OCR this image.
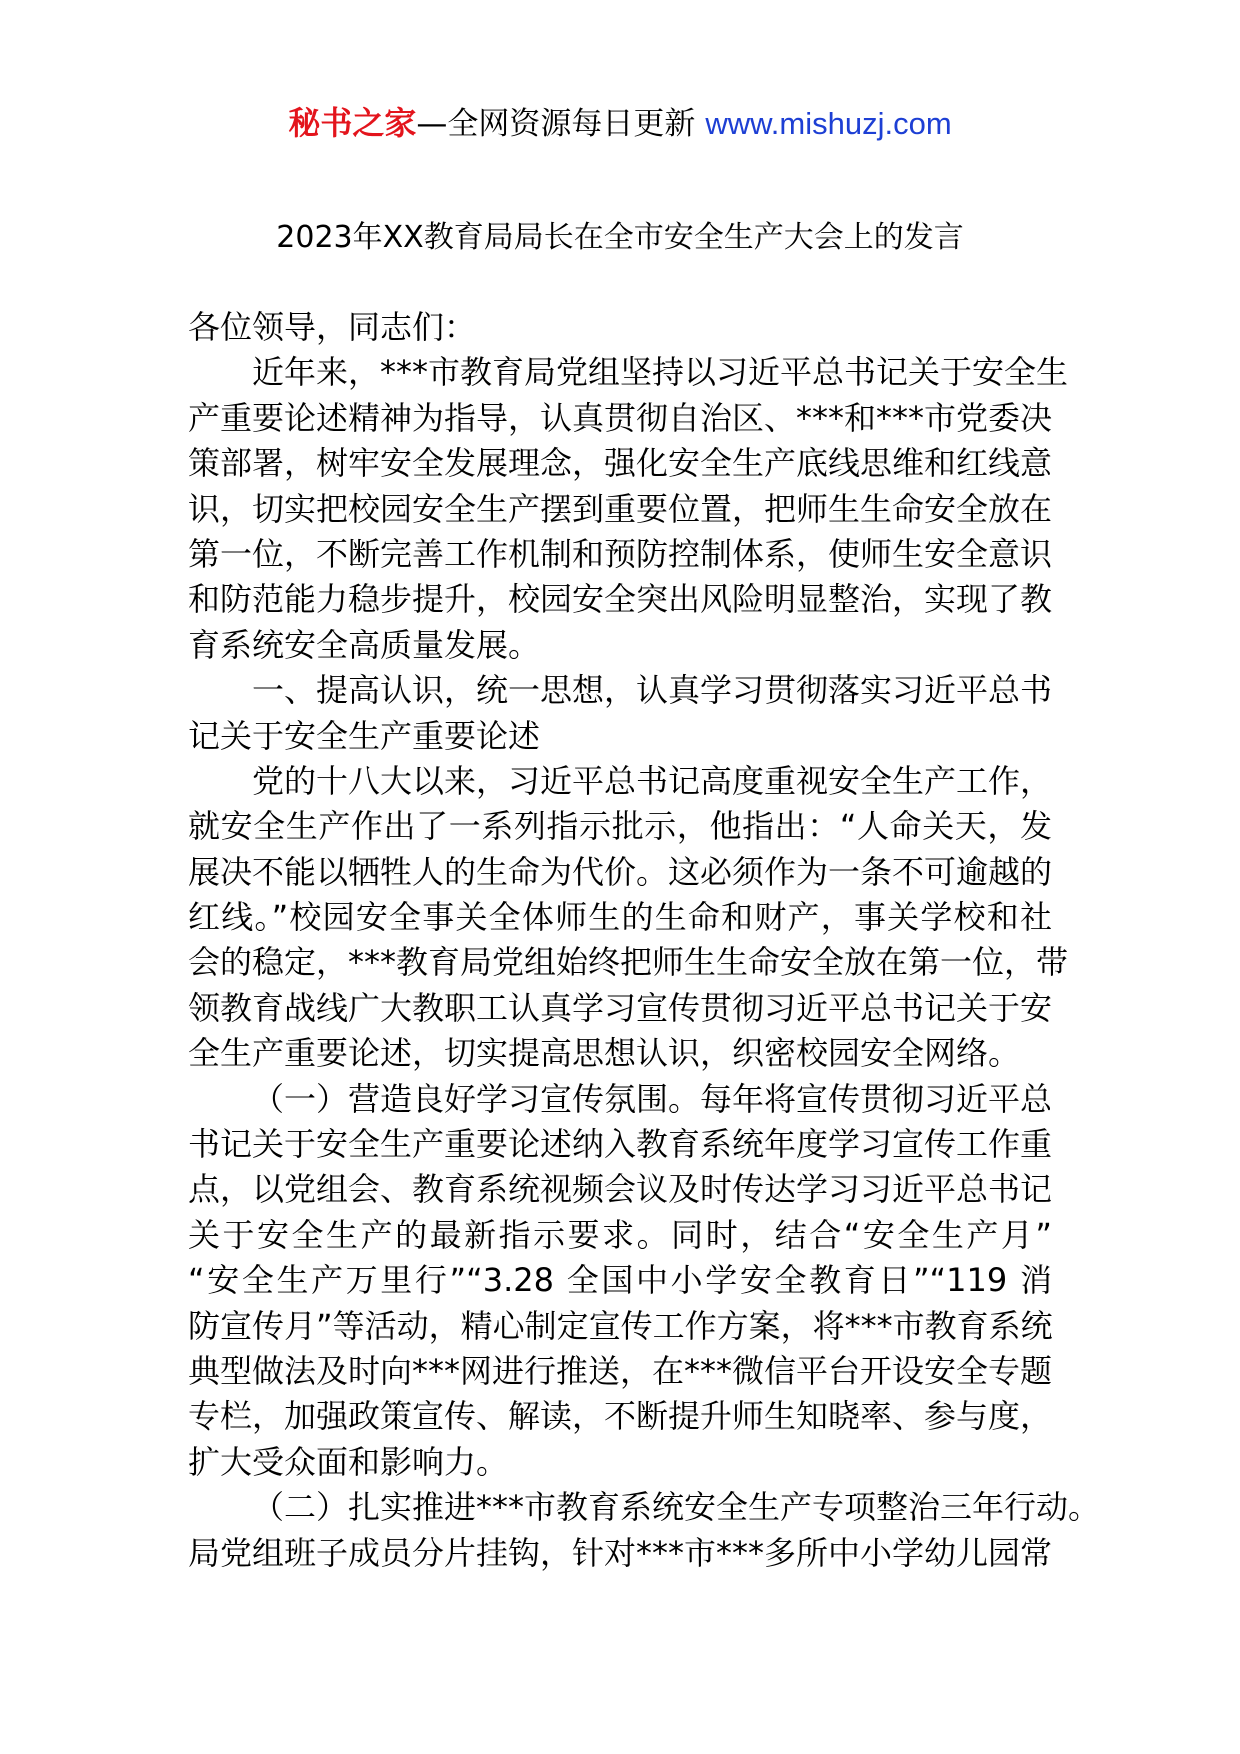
秘书之家—全网资源每日更新 www.mishuzj.com
2023年XX教育局局长在全市安全生产大会上的发言
各位领导，同志们：
近年来，***市教育局党组坚持以习近平总书记关于安全生
产重要论述精神为指导，认真贯彻自治区、***和***市党委决
策部署，树牢安全发展理念，强化安全生产底线思维和红线意
识，切实把校园安全生产摆到重要位置，把师生生命安全放在
第一位，不断完善工作机制和预防控制体系，使师生安全意识
和防范能力稳步提升，校园安全突出风险明显整治，实现了教
育系统安全高质量发展。
一、提高认识，统一思想，认真学习贯彻落实习近平总书
记关于安全生产重要论述
党的十八大以来，习近平总书记高度重视安全生产工作，
就安全生产作出了一系列指示批示，他指出：“人命关天，发
展决不能以牺牲人的生命为代价。这必须作为一条不可逾越的
红线。”校园安全事关全体师生的生命和财产，事关学校和社
会的稳定，***教育局党组始终把师生生命安全放在第一位，带
领教育战线广大教职工认真学习宣传贯彻习近平总书记关于安
全生产重要论述，切实提高思想认识，织密校园安全网络。
（一）营造良好学习宣传氛围。每年将宣传贯彻习近平总
书记关于安全生产重要论述纳入教育系统年度学习宣传工作重
点，以党组会、教育系统视频会议及时传达学习习近平总书记
关于安全生产的最新指示要求。同时，结合“安全生产月”
“安全生产万里行”“3.28 全国中小学安全教育日”“119 消
防宣传月”等活动，精心制定宣传工作方案，将***市教育系统
典型做法及时向***网进行推送，在***微信平台开设安全专题
专栏，加强政策宣传、解读，不断提升师生知晓率、参与度，
扩大受众面和影响力。
（二）扎实推进***市教育系统安全生产专项整治三年行动。
局党组班子成员分片挂钩，针对***市***多所中小学幼儿园常
